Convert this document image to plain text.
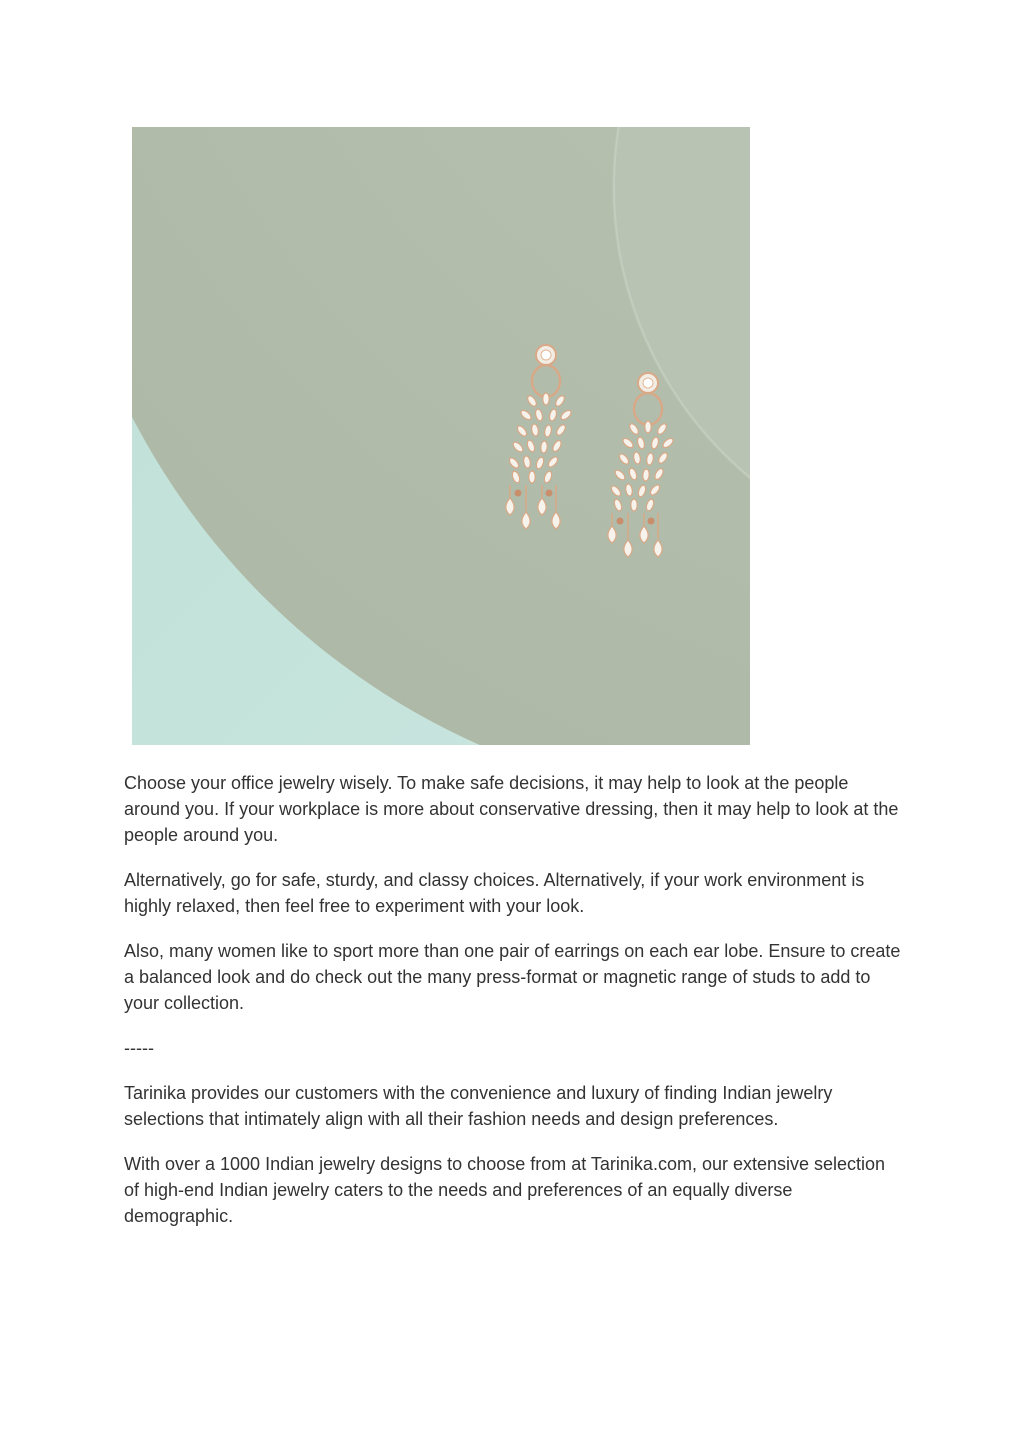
Choose your office jewelry wisely. To make safe decisions, it may help to look at the people around you. If your workplace is more about conservative dressing, then it may help to look at the people around you.

Alternatively, go for safe, sturdy, and classy choices. Alternatively, if your work environment is highly relaxed, then feel free to experiment with your look.

Also, many women like to sport more than one pair of earrings on each ear lobe. Ensure to create a balanced look and do check out the many press-format or magnetic range of studs to add to your collection.

-----

Tarinika provides our customers with the convenience and luxury of finding Indian jewelry selections that intimately align with all their fashion needs and design preferences.

With over a 1000 Indian jewelry designs to choose from at Tarinika.com, our extensive selection of high-end Indian jewelry caters to the needs and preferences of an equally diverse demographic.
